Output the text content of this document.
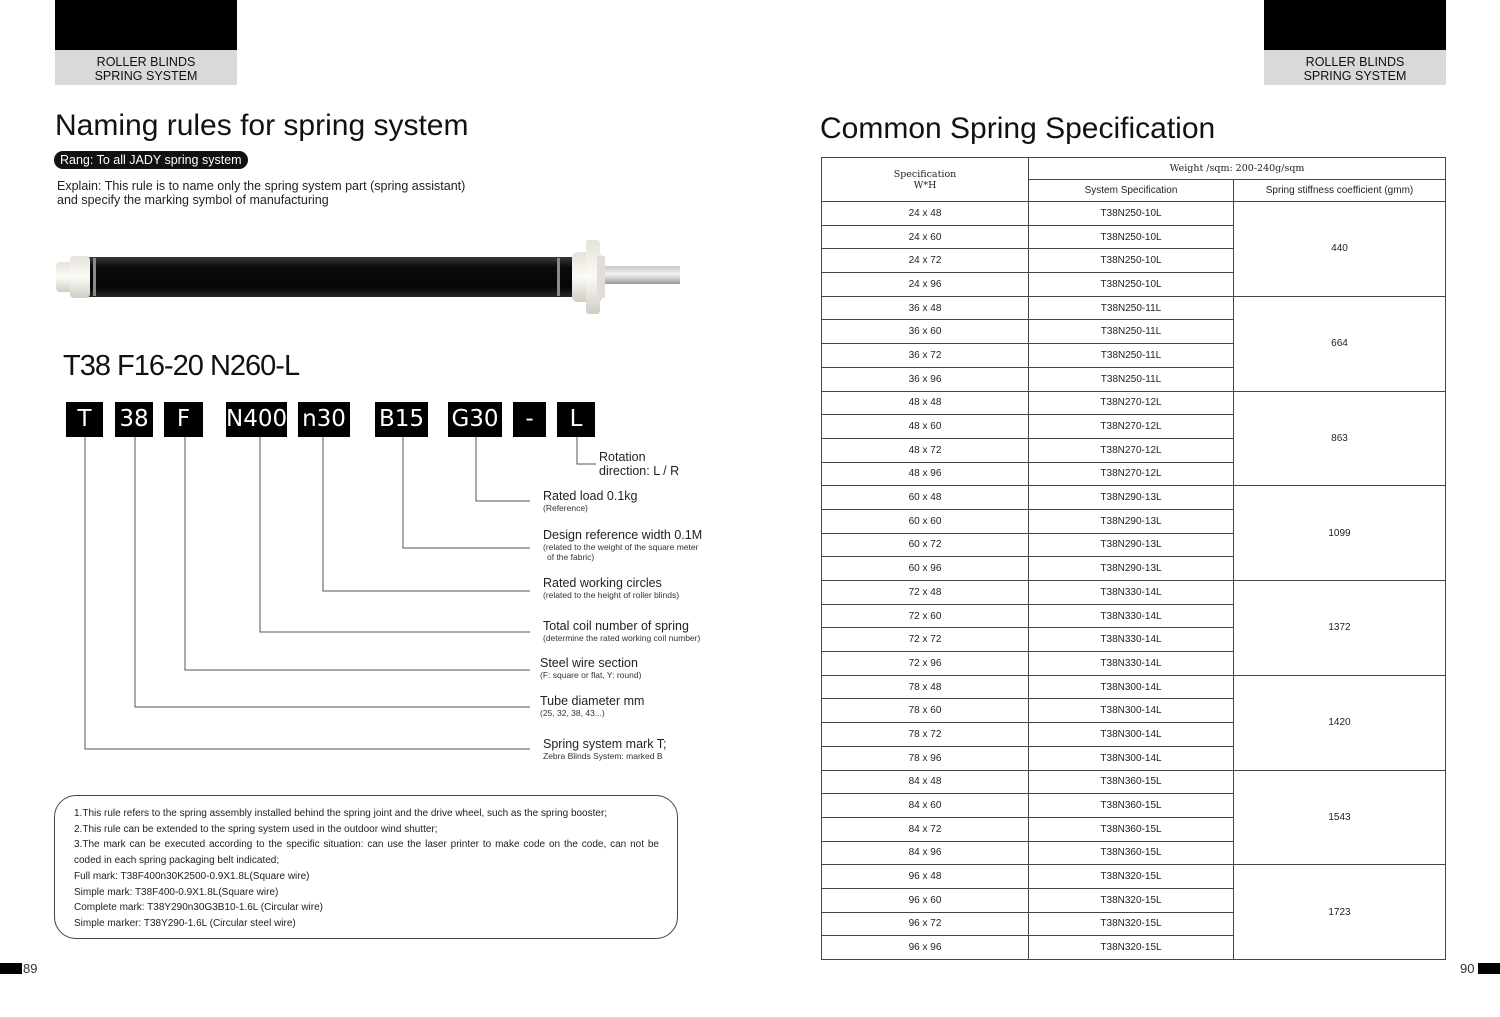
ROLLER BLINDS
SPRING SYSTEM
ROLLER BLINDS
SPRING SYSTEM
Naming rules for spring system
Rang: To all JADY spring system
Explain: This rule is to name only the spring system part (spring assistant)
and specify the marking symbol of manufacturing
T38 F16-20 N260-L
T	38	F	N400 n30 B15 G30	-	L
Rotation
direction: L / R
Rated load 0.1kg
(Reference)
Design reference width 0.1M
(related to the weight of the square meter
of the fabric)
Rated working circles
(related to the height of roller blinds)
Total coil number of spring
(determine the rated working coil number)
Steel wire section
(F: square or flat, Y: round)
Tube diameter mm
(25, 32, 38, 43...)
Spring system mark T;
Zebra Blinds System: marked B
1.This rule refers to the spring assembly installed behind the spring joint and the drive wheel, such as the spring booster;
2.This rule can be extended to the spring system used in the outdoor wind shutter;
3.The mark can be executed according to the specific situation: can use the laser printer to make code on the code, can not be coded in each spring packaging belt indicated;
Full mark: T38F400n30K2500-0.9X1.8L(Square wire)
Simple mark: T38F400-0.9X1.8L(Square wire)
Complete mark: T38Y290n30G3B10-1.6L (Circular wire)
Simple marker: T38Y290-1.6L (Circular steel wire)
89	90
Common Spring Specification
Specification
W*H	Weight /sqm: 200-240g/sqm	
	System Specification	Spring stiffness coefficient (gmm)
24 x 48	T38N250-10L	440
24 x 60	T38N250-10L	
24 x 72	T38N250-10L	
24 x 96	T38N250-10L	
36 x 48	T38N250-11L	664
36 x 60	T38N250-11L	
36 x 72	T38N250-11L	
36 x 96	T38N250-11L	
48 x 48	T38N270-12L	863
48 x 60	T38N270-12L	
48 x 72	T38N270-12L	
48 x 96	T38N270-12L	
60 x 48	T38N290-13L	1099
60 x 60	T38N290-13L	
60 x 72	T38N290-13L	
60 x 96	T38N290-13L	
72 x 48	T38N330-14L	1372
72 x 60	T38N330-14L	
72 x 72	T38N330-14L	
72 x 96	T38N330-14L	
78 x 48	T38N300-14L	1420
78 x 60	T38N300-14L	
78 x 72	T38N300-14L	
78 x 96	T38N300-14L	
84 x 48	T38N360-15L	1543
84 x 60	T38N360-15L	
84 x 72	T38N360-15L	
84 x 96	T38N360-15L	
96 x 48	T38N320-15L	1723
96 x 60	T38N320-15L	
96 x 72	T38N320-15L	
96 x 96	T38N320-15L	
